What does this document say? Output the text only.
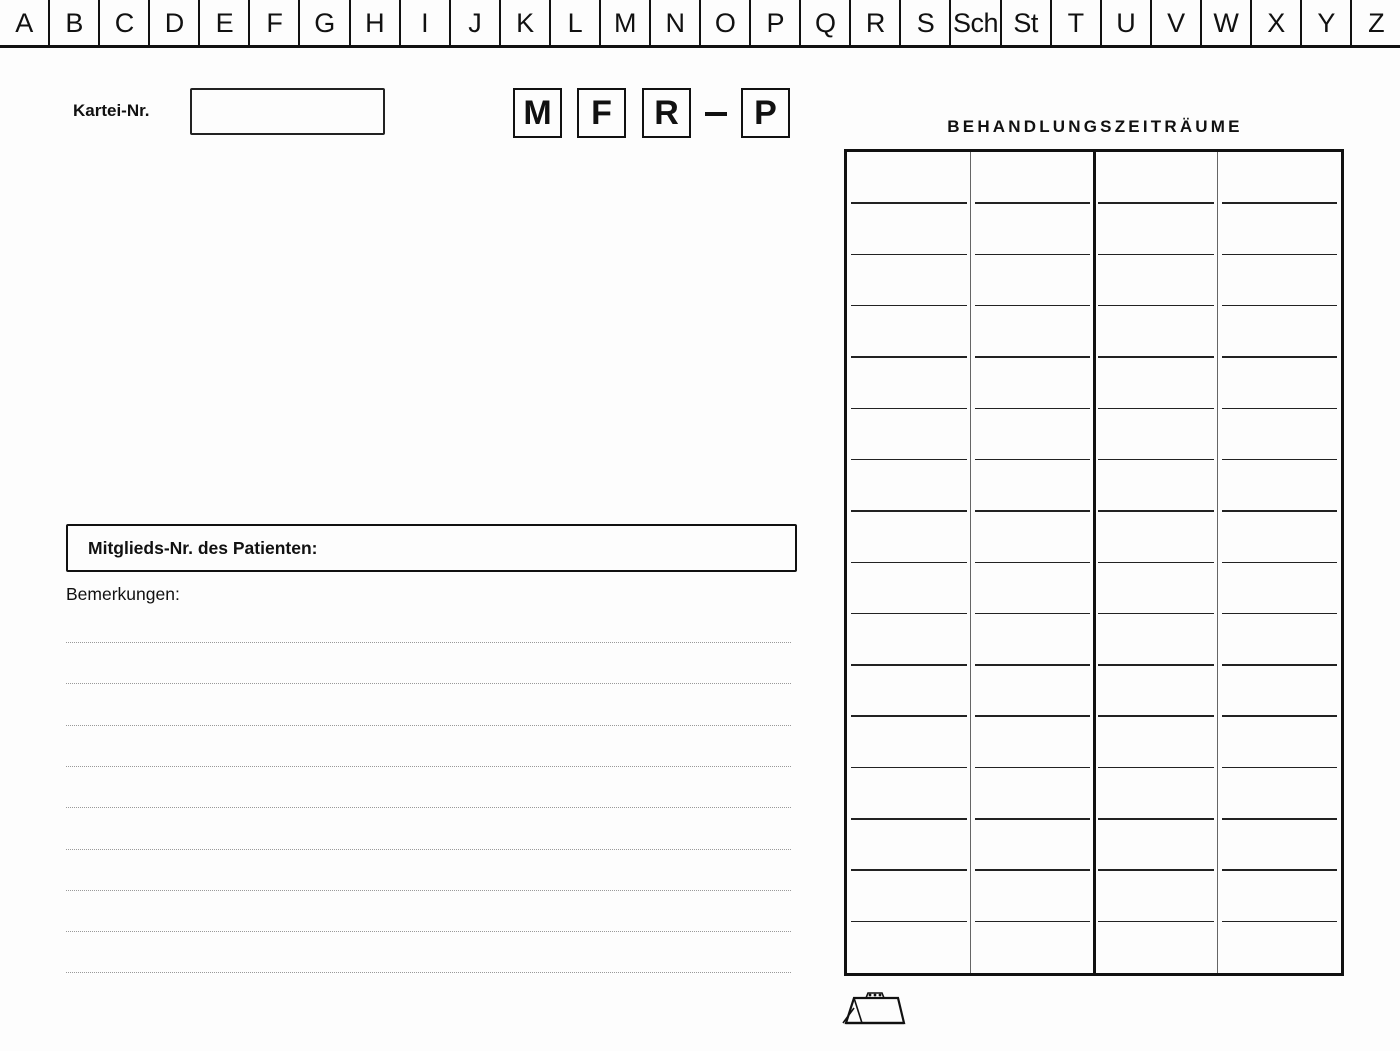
A	B	C	D	E	F	G	H	I	J	K	L	M	N	O	P	Q	R	S Sch St	T	U	V	W	X	Y	Z
Kartei-Nr.	M	F	R	P	BEHANDLUNGSZEITRÄUME
Mitglieds-Nr. des Patienten:
Bemerkungen:
